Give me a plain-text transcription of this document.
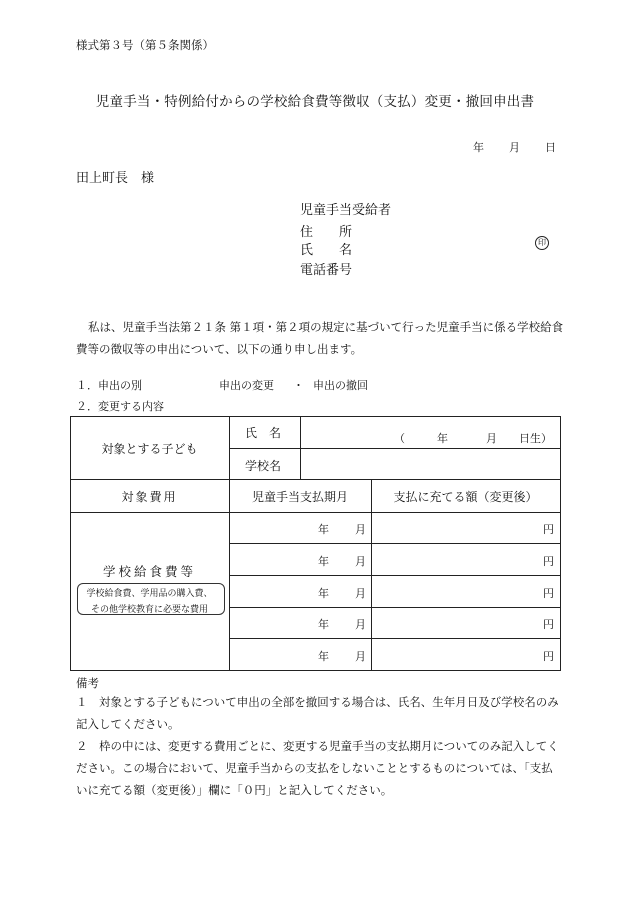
様式第３号（第５条関係）
児童手当・特例給付からの学校給食費等徴収（支払）変更・撤回申出書
年 月 日
田上町長　様
児童手当受給者
住　　所
氏　　名
印
電話番号
私は、児童手当法第２１条 第１項・第２項の規定に基づいて行った児童手当に係る学校給食費等の徴収等の申出について、以下の通り申し出ます。
１．申出の別	申出の変更 ・ 申出の撤回
２．変更する内容
対象とする子ども
氏　名	（	年	月 日生）
学校名
対象費用	児童手当支払期月	支払に充てる額（変更後）
学校給食費等
学校給食費、学用品の購入費、
その他学校教育に必要な費用
年 月	円
年 月	円
年 月	円
年 月	円
年 月	円
備考
１　対象とする子どもについて申出の全部を撤回する場合は、氏名、生年月日及び学校名のみ記入してください。
２　枠の中には、変更する費用ごとに、変更する児童手当の支払期月についてのみ記入してください。この場合において、児童手当からの支払をしないこととするものについては、「支払いに充てる額（変更後）」欄に「０円」と記入してください。
